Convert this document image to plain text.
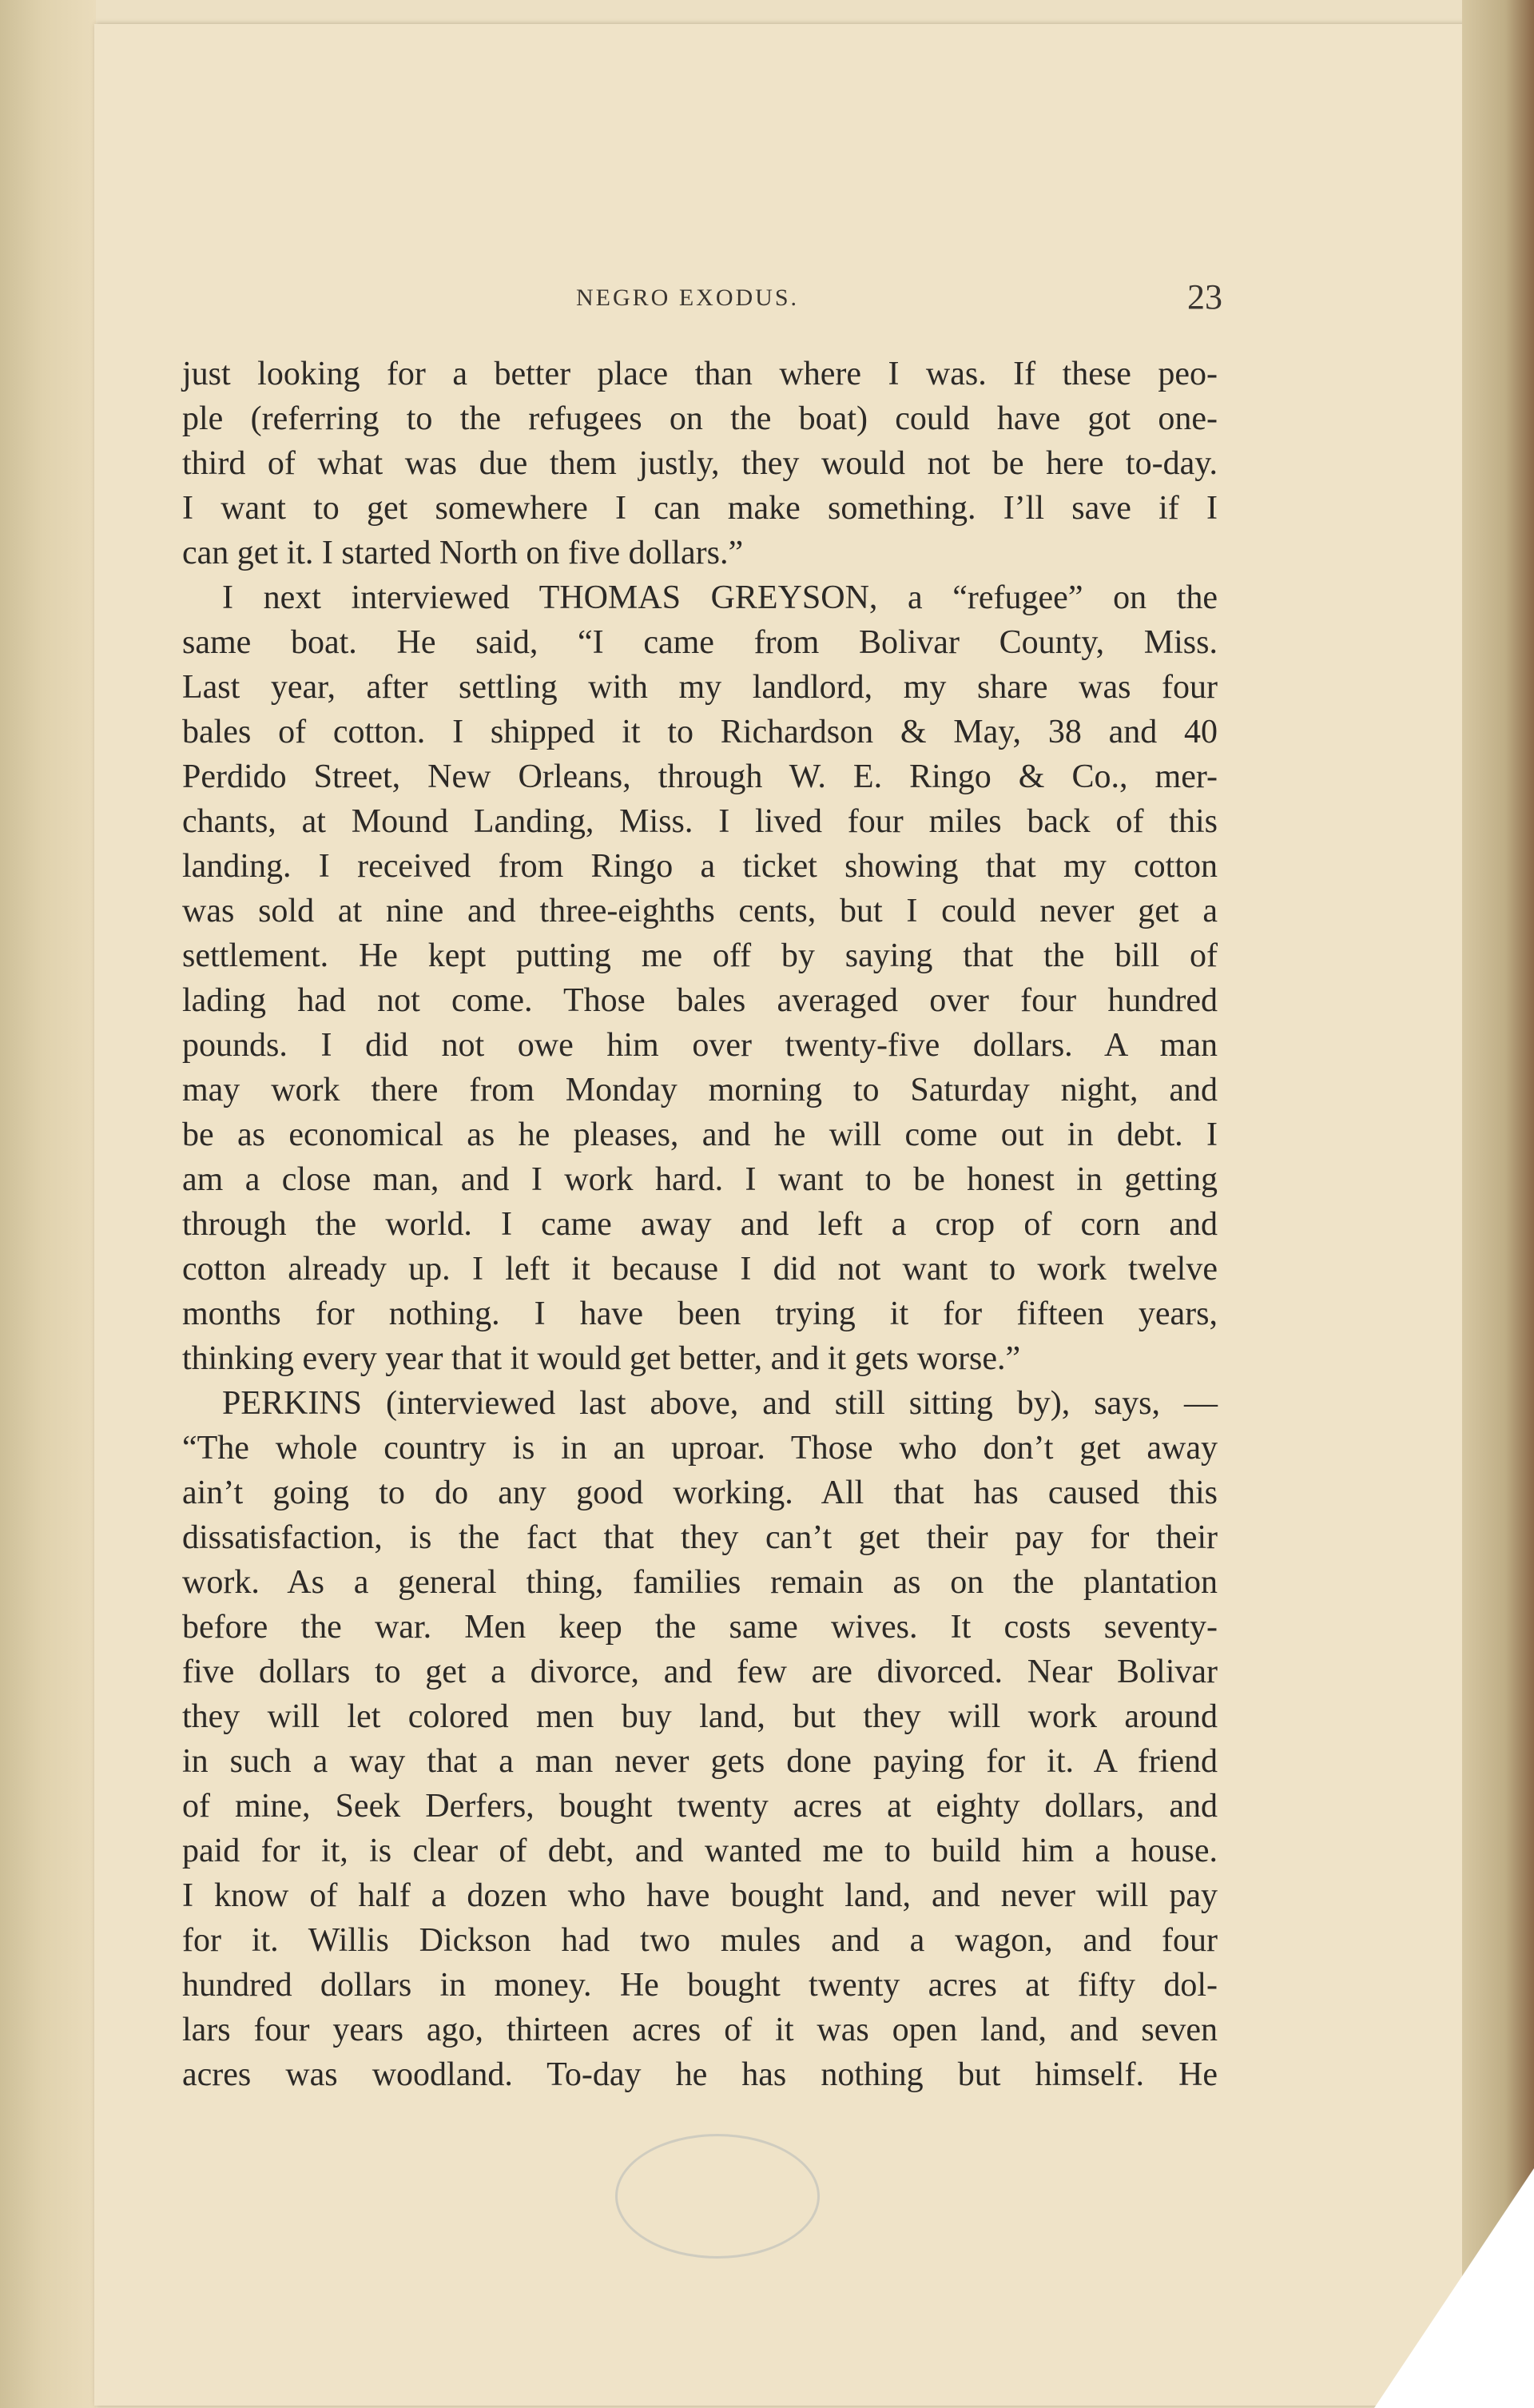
NEGRO EXODUS.	23
just looking for a better place than where I was. If these peo-
ple (referring to the refugees on the boat) could have got one-
third of what was due them justly, they would not be here to-day.
I want to get somewhere I can make something. I’ll save if I
can get it. I started North on five dollars.”
I next interviewed THOMAS GREYSON, a “refugee” on the
same boat. He said, “I came from Bolivar County, Miss.
Last year, after settling with my landlord, my share was four
bales of cotton. I shipped it to Richardson & May, 38 and 40
Perdido Street, New Orleans, through W. E. Ringo & Co., mer-
chants, at Mound Landing, Miss. I lived four miles back of this
landing. I received from Ringo a ticket showing that my cotton
was sold at nine and three-eighths cents, but I could never get a
settlement. He kept putting me off by saying that the bill of
lading had not come. Those bales averaged over four hundred
pounds. I did not owe him over twenty-five dollars. A man
may work there from Monday morning to Saturday night, and
be as economical as he pleases, and he will come out in debt. I
am a close man, and I work hard. I want to be honest in getting
through the world. I came away and left a crop of corn and
cotton already up. I left it because I did not want to work twelve
months for nothing. I have been trying it for fifteen years,
thinking every year that it would get better, and it gets worse.”
PERKINS (interviewed last above, and still sitting by), says, —
“The whole country is in an uproar. Those who don’t get away
ain’t going to do any good working. All that has caused this
dissatisfaction, is the fact that they can’t get their pay for their
work. As a general thing, families remain as on the plantation
before the war. Men keep the same wives. It costs seventy-
five dollars to get a divorce, and few are divorced. Near Bolivar
they will let colored men buy land, but they will work around
in such a way that a man never gets done paying for it. A friend
of mine, Seek Derfers, bought twenty acres at eighty dollars, and
paid for it, is clear of debt, and wanted me to build him a house.
I know of half a dozen who have bought land, and never will pay
for it. Willis Dickson had two mules and a wagon, and four
hundred dollars in money. He bought twenty acres at fifty dol-
lars four years ago, thirteen acres of it was open land, and seven
acres was woodland. To-day he has nothing but himself. He
